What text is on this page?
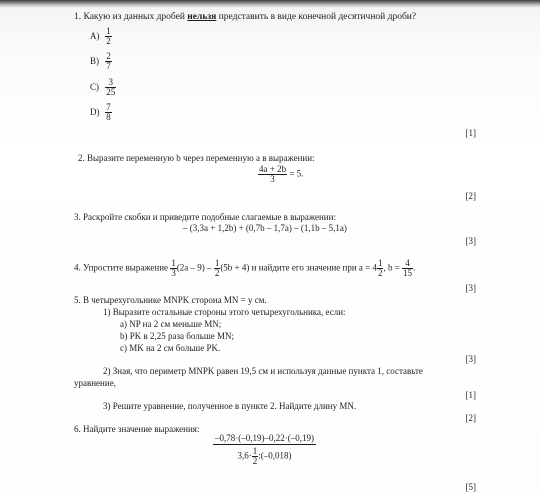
1. Какую из данных дробей нельзя представить в виде конечной десятичной дроби?
$A) \frac{1}{2}$
$B) \frac{2}{7}$
$C) \frac{3}{25}$
$D) \frac{7}{8}$
[1]
2. Выразите переменную b через переменную a в выражении:
$\frac{4a + 2b}{3} = 5$.
[2]
3. Раскройте скобки и приведите подобные слагаемые в выражении:
– (3,3a + 1,2b) + (0,7b – 1,7a) – (1,1b – 5,1a)
[3]
4. Упростите выражение $\frac{1}{3} (2a - 9) - \frac{1}{2} (5b + 4)$ и найдите его значение при $a = 4 \frac{1}{2}$ , $b = \frac{4}{15}$ .
[3]
5. В четырехугольнике MNPK сторона MN = y см.
1) Выразите остальные стороны этого четырехугольника, если:
a) NP на 2 см меньше MN;
b) PK в 2,25 раза больше MN;
c) MK на 2 см больше PK.
[3]
2) Зная, что периметр MNPK равен 19,5 см и используя данные пункта 1, составьте
уравнение,
[1]
3) Решите уравнение, полученное в пункте 2. Найдите длину MN.
[2]
6. Найдите значение выражения:
$\frac{-0,78\cdot(-0,19)-0,22\cdot(-0,19)}{3,6\cdot \frac{1}{2} :(-0,018)}$
[5]
